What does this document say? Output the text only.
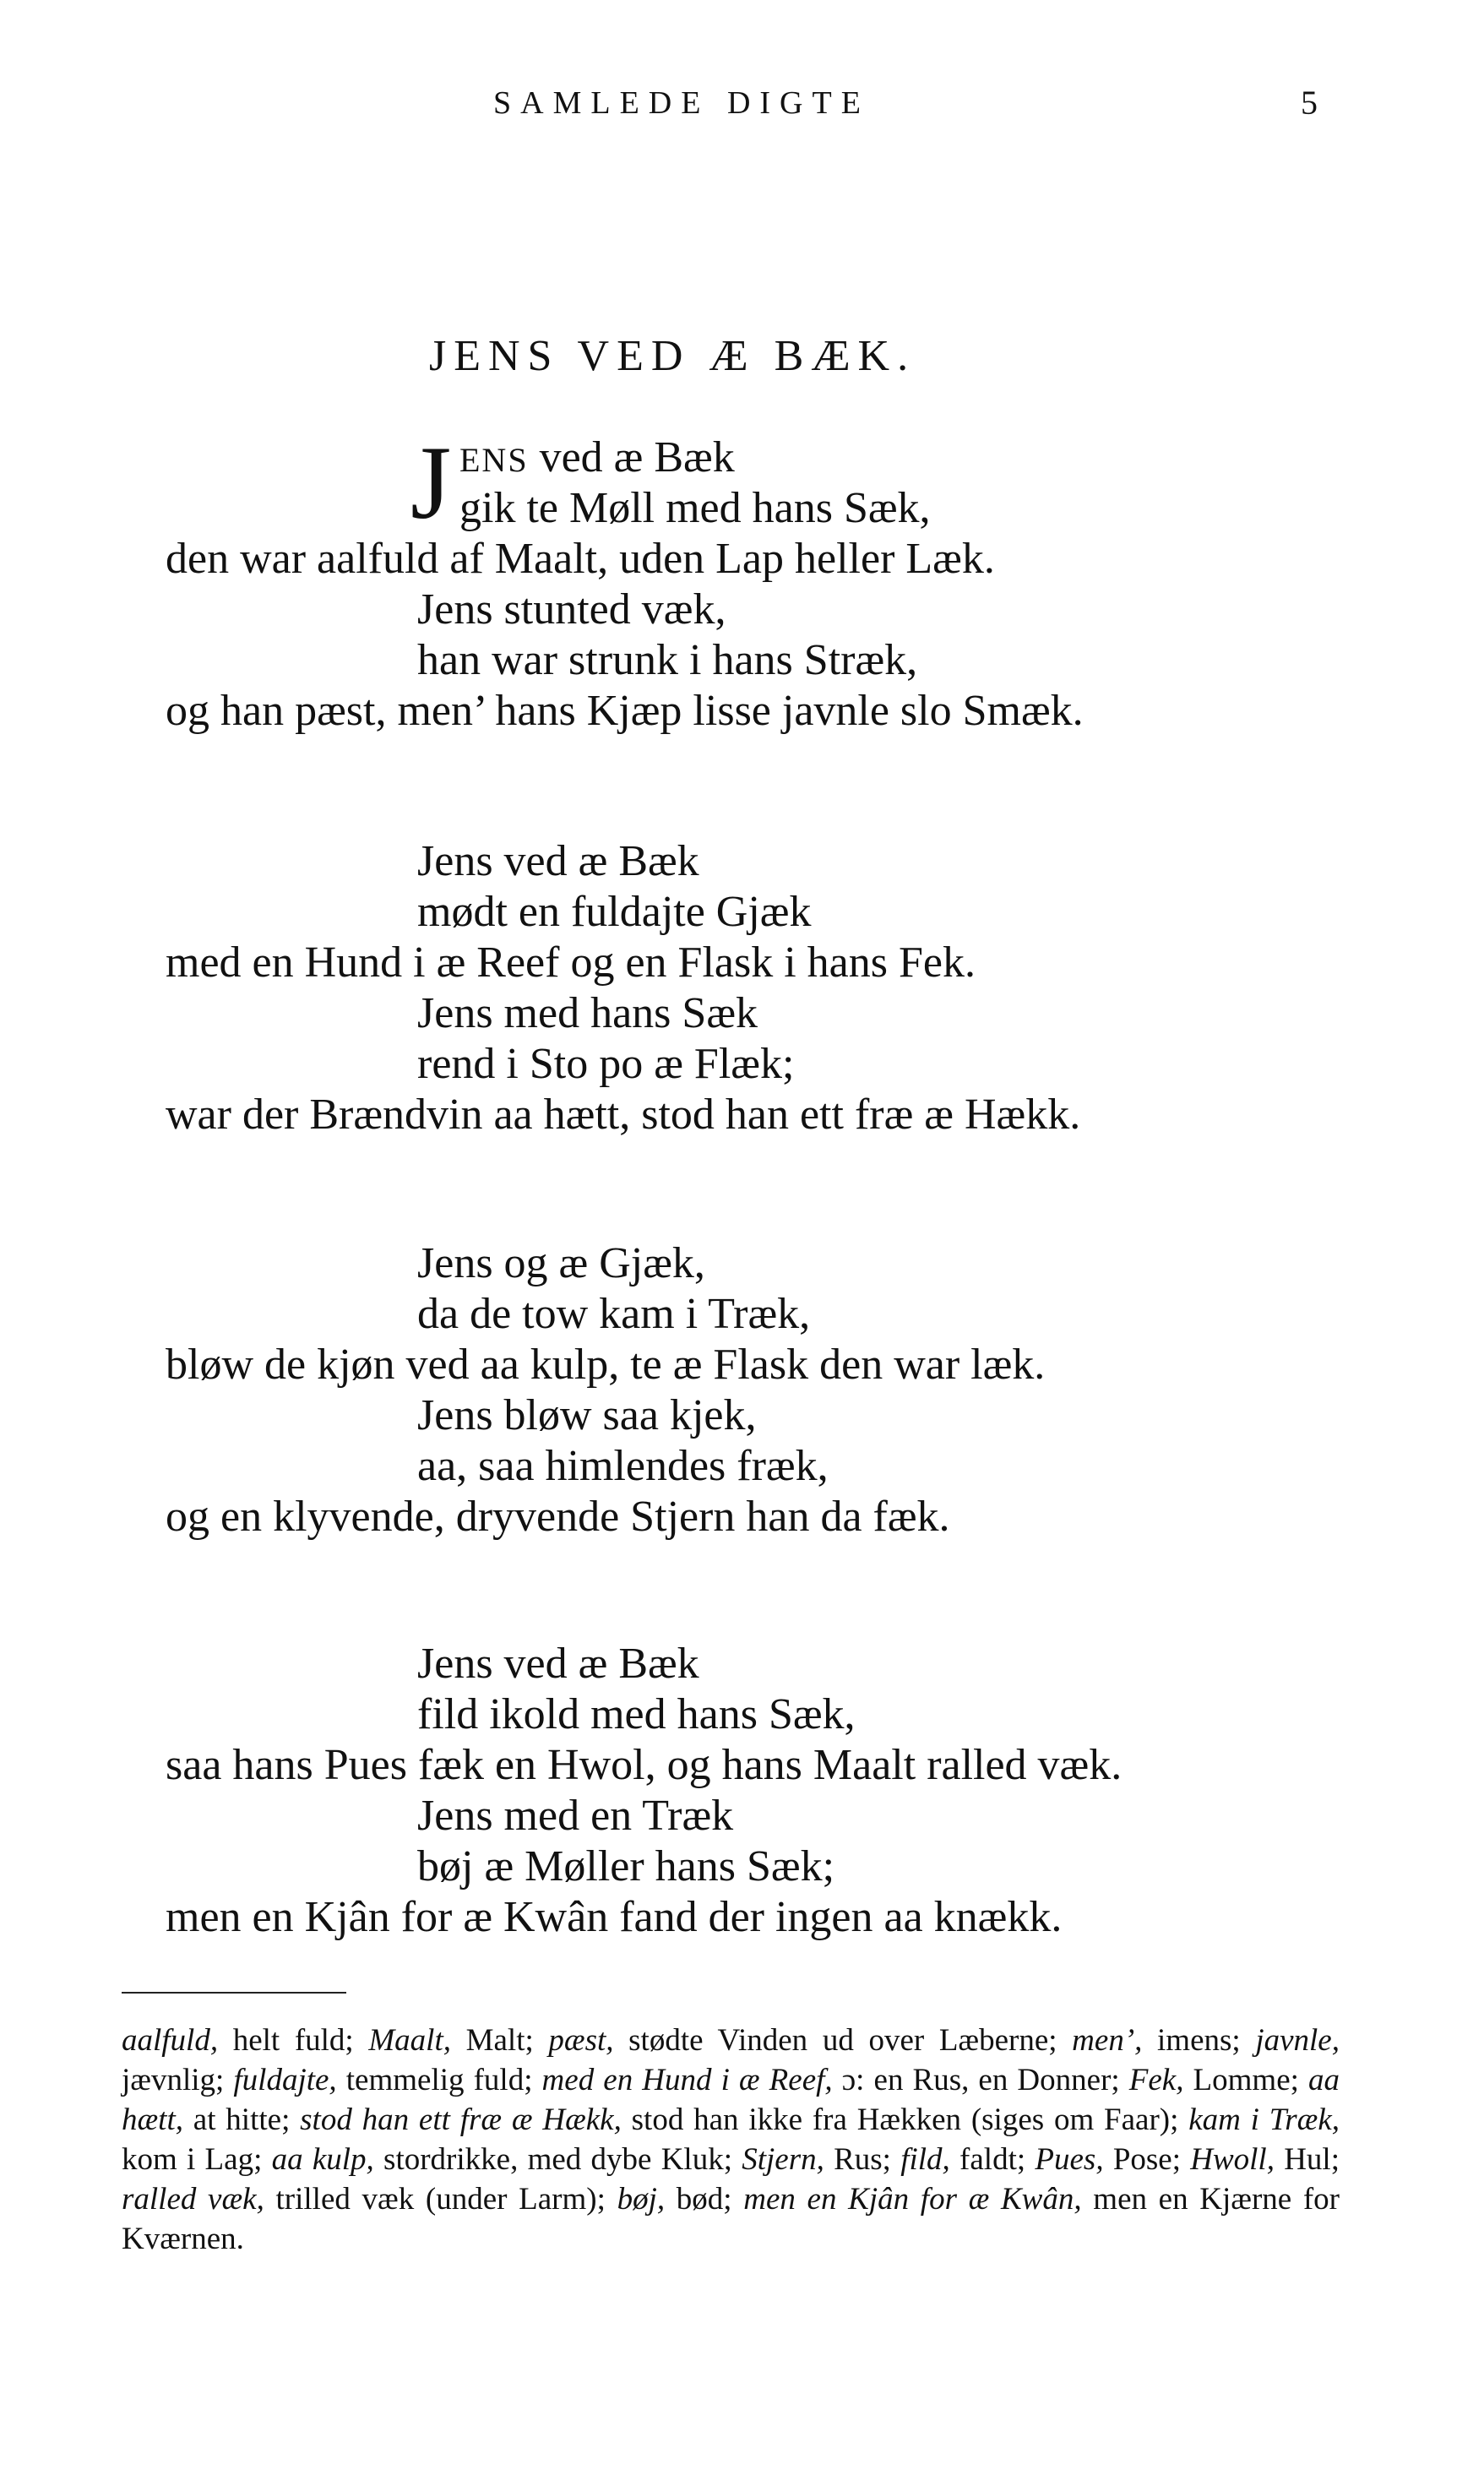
SAMLEDE DIGTE	5
JENS VED Æ BÆK.
J ENS ved æ Bæk
gik te Møll med hans Sæk,
den war aalfuld af Maalt, uden Lap heller Læk.
Jens stunted væk,
han war strunk i hans Stræk,
og han pæst, men’ hans Kjæp lisse javnle slo Smæk.
Jens ved æ Bæk
mødt en fuldajte Gjæk
med en Hund i æ Reef og en Flask i hans Fek.
Jens med hans Sæk
rend i Sto po æ Flæk;
war der Brændvin aa hætt, stod han ett fræ æ Hækk.
Jens og æ Gjæk,
da de tow kam i Træk,
bløw de kjøn ved aa kulp, te æ Flask den war læk.
Jens bløw saa kjek,
aa, saa himlendes fræk,
og en klyvende, dryvende Stjern han da fæk.
Jens ved æ Bæk
fild ikold med hans Sæk,
saa hans Pues fæk en Hwol, og hans Maalt ralled væk.
Jens med en Træk
bøj æ Møller hans Sæk;
men en Kjân for æ Kwân fand der ingen aa knækk.

aalfuld, helt fuld; Maalt, Malt; pæst, stødte Vinden ud over Læberne; men’, imens; javnle, jævnlig; fuldajte, temmelig fuld; med en Hund i æ Reef, ɔ: en Rus, en Donner; Fek, Lomme; aa hætt, at hitte; stod han ett fræ æ Hækk, stod han ikke fra Hækken (siges om Faar); kam i Træk, kom i Lag; aa kulp, stordrikke, med dybe Kluk; Stjern, Rus; fild, faldt; Pues, Pose; Hwoll, Hul; ralled væk, trilled væk (under Larm); bøj, bød; men en Kjân for æ Kwân, men en Kjærne for Kværnen.
